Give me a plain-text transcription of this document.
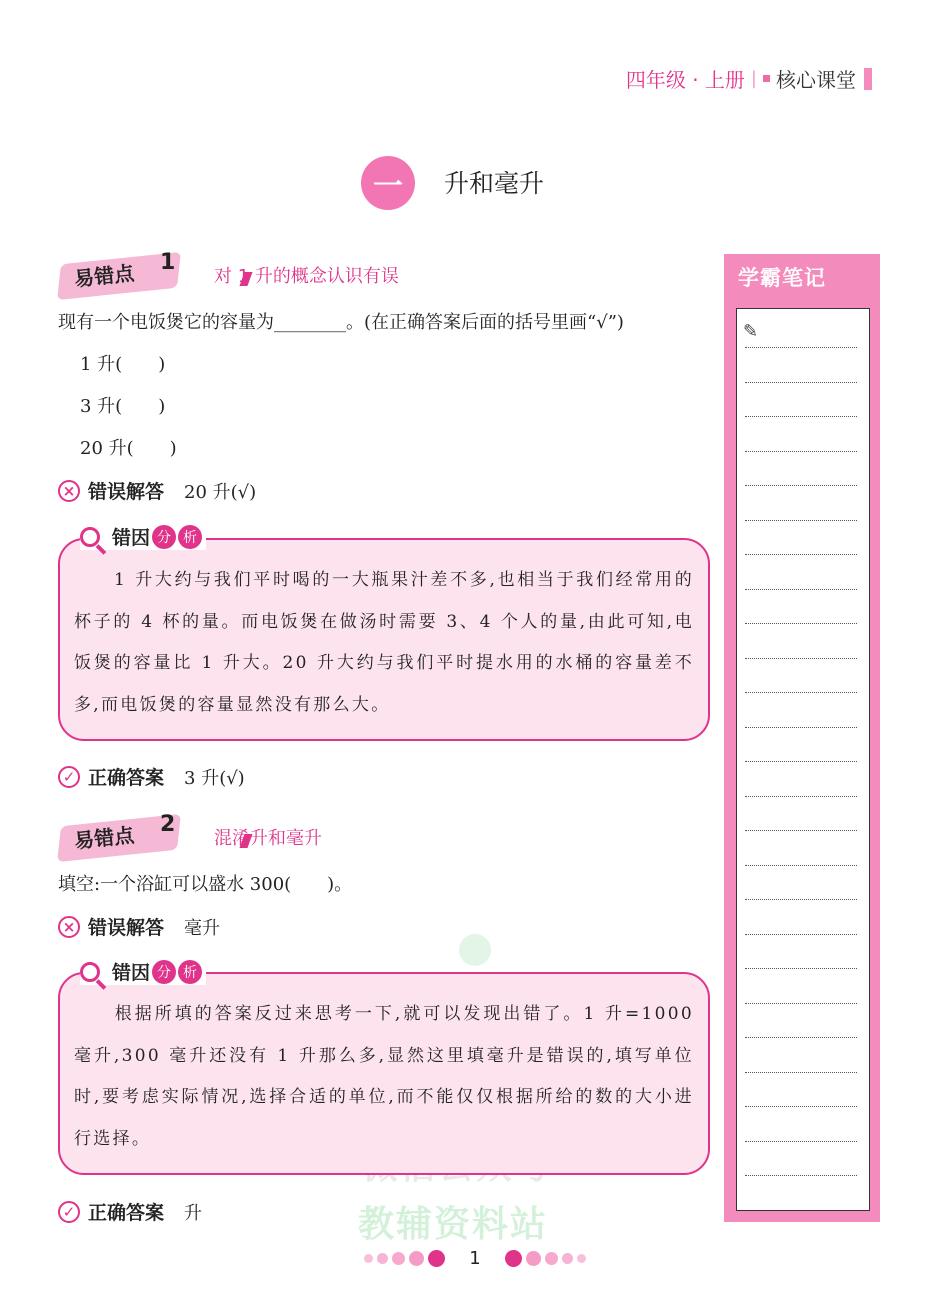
四年级 · 上册 | 核心课堂
一	升和毫升
教辅资料站
易错点 1
对 1 升的概念认识有误
现有一个电饭煲它的容量为________。(在正确答案后面的括号里画“√”)
1 升(　　)
3 升(　　)
20 升(　　)
× 错误解答 20 升(√)

1 升大约与我们平时喝的一大瓶果汁差不多,也相当于我们经常用的杯子的 4 杯的量。而电饭煲在做汤时需要 3、4 个人的量,由此可知,电饭煲的容量比 1 升大。20 升大约与我们平时提水用的水桶的容量差不多,而电饭煲的容量显然没有那么大。

错因 分 析
✓ 正确答案 3 升(√)
易错点 2
混淆升和毫升
填空:一个浴缸可以盛水 300(　　)。
× 错误解答 毫升

根据所填的答案反过来思考一下,就可以发现出错了。1 升=1000 毫升,300 毫升还没有 1 升那么多,显然这里填毫升是错误的,填写单位时,要考虑实际情况,选择合适的单位,而不能仅仅根据所给的数的大小进行选择。

错因 分 析
✓ 正确答案 升
学霸笔记
✎
1
